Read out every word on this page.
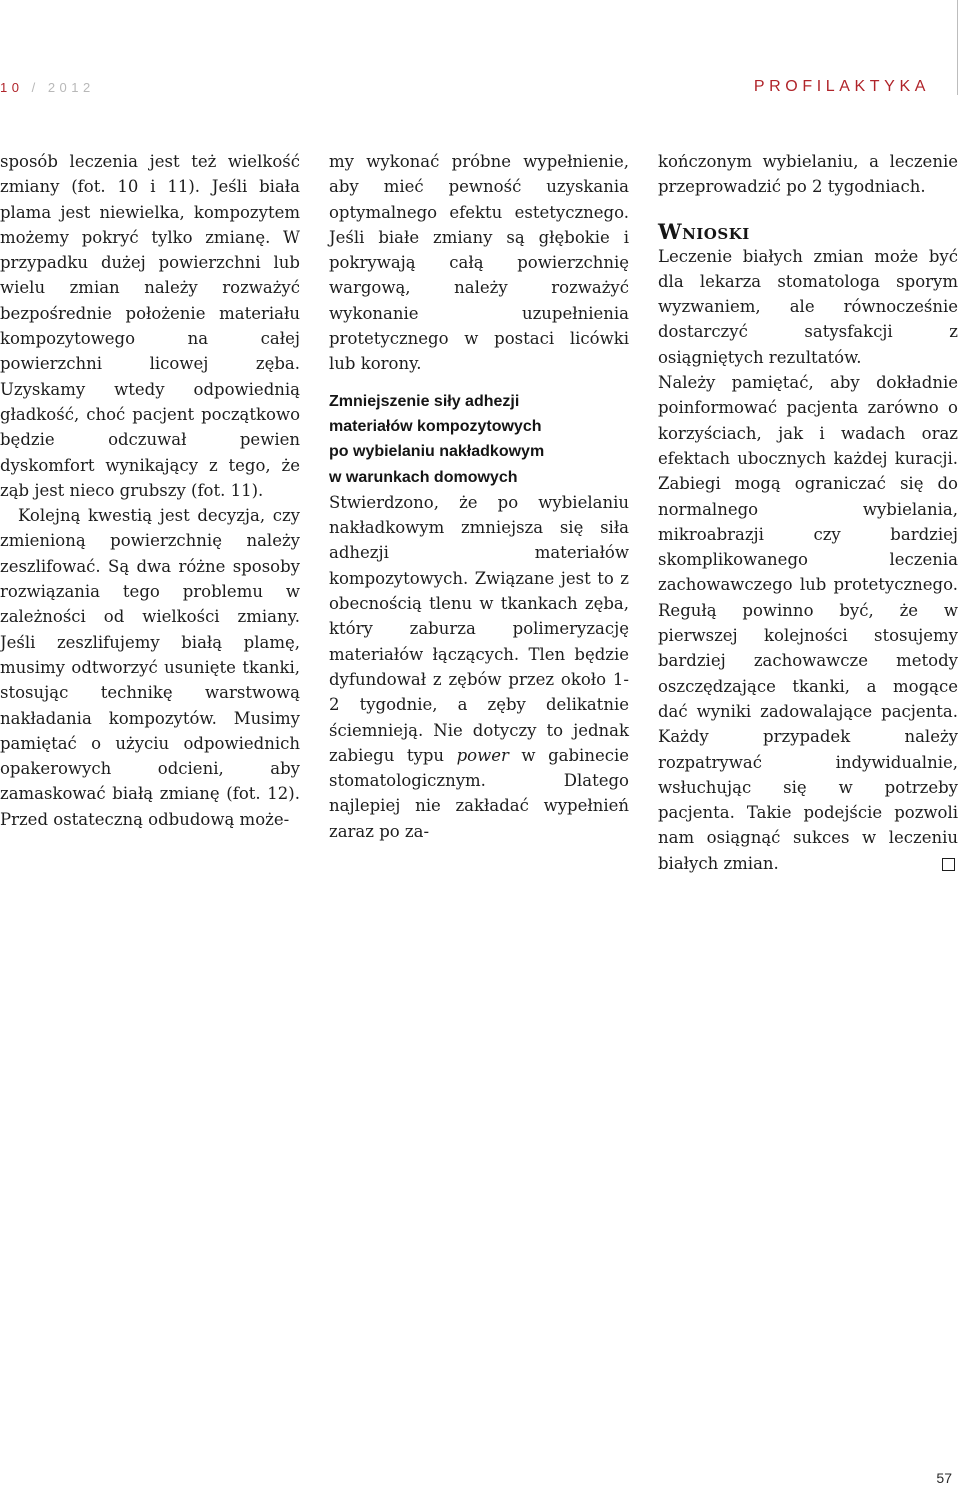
10 / 2012	PROFILAKTYKA

sposób leczenia jest też wielkość zmiany (fot. 10 i 11). Jeśli biała plama jest niewielka, kompozytem możemy pokryć tylko zmianę. W przypadku dużej powierzchni lub wielu zmian należy rozważyć bezpośrednie położenie materiału kompozytowego na całej powierzchni licowej zęba. Uzyskamy wtedy odpowiednią gładkość, choć pacjent początkowo będzie odczuwał pewien dyskomfort wynikający z tego, że ząb jest nieco grubszy (fot. 11).

Kolejną kwestią jest decyzja, czy zmienioną powierzchnię należy zeszlifować. Są dwa różne sposoby rozwiązania tego problemu w zależności od wielkości zmiany. Jeśli zeszlifujemy białą plamę, musimy odtworzyć usunięte tkanki, stosując technikę warstwową nakładania kompozytów. Musimy pamiętać o użyciu odpowiednich opakerowych odcieni, aby zamaskować białą zmianę (fot. 12). Przed ostateczną odbudową może-

my wykonać próbne wypełnienie, aby mieć pewność uzyskania optymalnego efektu estetycznego. Jeśli białe zmiany są głębokie i pokrywają całą powierzchnię wargową, należy rozważyć wykonanie uzupełnienia protetycznego w postaci licówki lub korony.

Zmniejszenie siły adhezji
materiałów kompozytowych
po wybielaniu nakładkowym
w warunkach domowych

Stwierdzono, że po wybielaniu nakładkowym zmniejsza się siła adhezji materiałów kompozytowych. Związane jest to z obecnością tlenu w tkankach zęba, który zaburza polimeryzację materiałów łączących. Tlen będzie dyfundował z zębów przez około 1-2 tygodnie, a zęby delikatnie ściemnieją. Nie dotyczy to jednak zabiegu typu power w gabinecie stomatologicznym. Dlatego najlepiej nie zakładać wypełnień zaraz po za-

kończonym wybielaniu, a leczenie przeprowadzić po 2 tygodniach.

Wnioski

Leczenie białych zmian może być dla lekarza stomatologa sporym wyzwaniem, ale równocześnie dostarczyć satysfakcji z osiągniętych rezultatów.

Należy pamiętać, aby dokładnie poinformować pacjenta zarówno o korzyściach, jak i wadach oraz efektach ubocznych każdej kuracji. Zabiegi mogą ograniczać się do normalnego wybielania, mikroabrazji czy bardziej skomplikowanego leczenia zachowawczego lub protetycznego. Regułą powinno być, że w pierwszej kolejności stosujemy bardziej zachowawcze metody oszczędzające tkanki, a mogące dać wyniki zadowalające pacjenta. Każdy przypadek należy rozpatrywać indywidualnie, wsłuchując się w potrzeby pacjenta. Takie podejście pozwoli nam osiągnąć sukces w leczeniu białych zmian.

57
